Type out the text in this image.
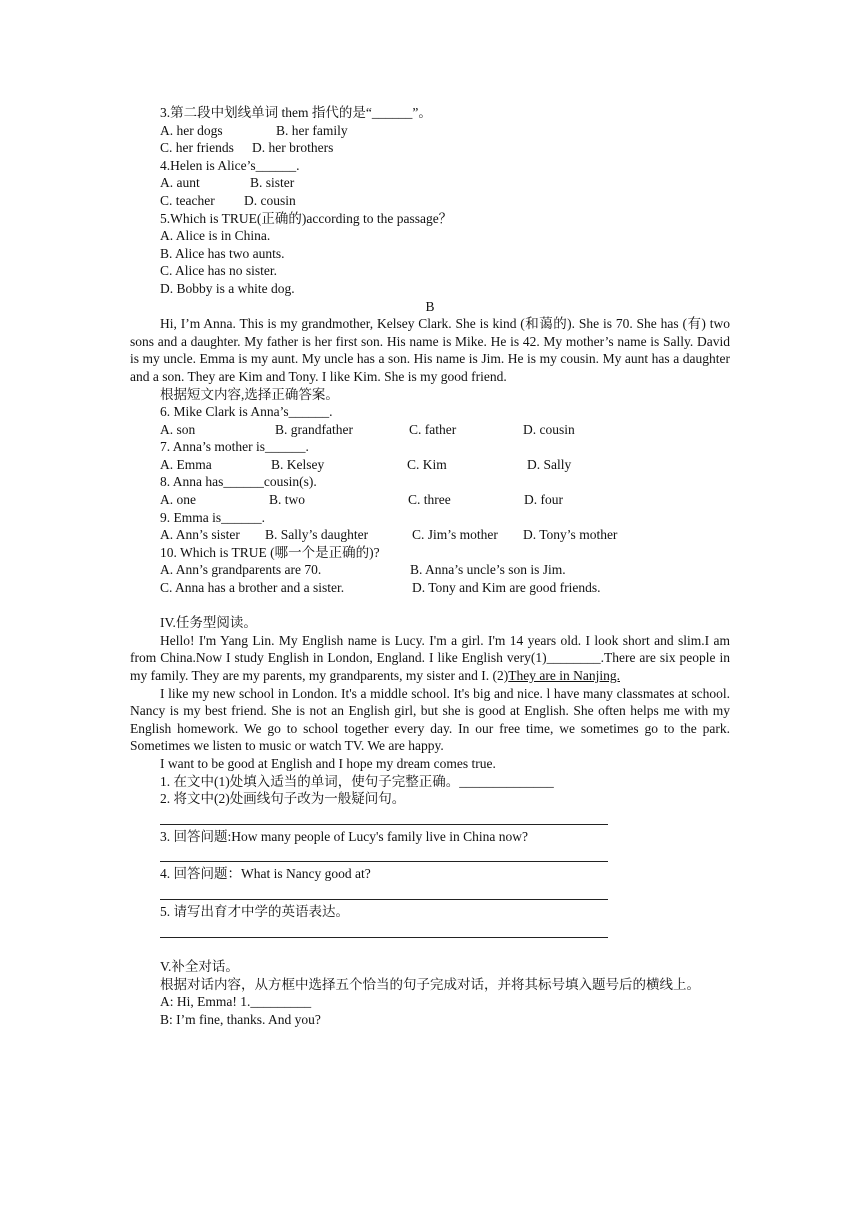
3.第二段中划线单词 them 指代的是“______”。
A. her dogs	B. her family
C. her friends	D. her brothers
4.Helen is Alice’s______.
A. aunt	B. sister
C. teacher	D. cousin
5.Which is TRUE(正确的)according to the passage？
A. Alice is in China.
B. Alice has two aunts.
C. Alice has no sister.
D. Bobby is a white dog.
B
Hi, I’m Anna. This is my grandmother, Kelsey Clark. She is kind (和蔼的). She is 70. She has (有) two sons and a daughter. My father is her first son. His name is Mike. He is 42. My mother’s name is Sally. David is my uncle. Emma is my aunt. My uncle has a son. His name is Jim. He is my cousin. My aunt has a daughter and a son. They are Kim and Tony. I like Kim. She is my good friend.
根据短文内容,选择正确答案。
6. Mike Clark is Anna’s______.
A. son	B. grandfather	C. father	D. cousin
7. Anna’s mother is______.
A. Emma	B. Kelsey	C. Kim	D. Sally
8. Anna has______cousin(s).
A. one	B. two	C. three	D. four
9. Emma is______.
A. Ann’s sister	B. Sally’s daughter	C. Jim’s mother	D. Tony’s mother
10. Which is TRUE (哪一个是正确的)?
A. Ann’s grandparents are 70.	B. Anna’s uncle’s son is Jim.
C. Anna has a brother and a sister.	D. Tony and Kim are good friends.
IV.任务型阅读。
Hello! I'm Yang Lin. My English name is Lucy. I'm a girl. I'm 14 years old. I look short and slim.I am from China.Now I study English in London, England. I like English very(1)________.There are six people in my family. They are my parents, my grandparents, my sister and I. (2)They are in Nanjing.
I like my new school in London. It's a middle school. It's big and nice. l have many classmates at school. Nancy is my best friend. She is not an English girl, but she is good at English. She often helps me with my English homework. We go to school together every day. In our free time, we sometimes go to the park. Sometimes we listen to music or watch TV. We are happy.
I want to be good at English and I hope my dream comes true.
1. 在文中(1)处填入适当的单词，使句子完整正确。______________
2. 将文中(2)处画线句子改为一般疑问句。
3. 回答问题:How many people of Lucy's family live in China now?
4. 回答问题：What is Nancy good at?
5. 请写出育才中学的英语表达。
V.补全对话。
根据对话内容，从方框中选择五个恰当的句子完成对话，并将其标号填入题号后的横线上。
A: Hi, Emma! 1._________
B: I’m fine, thanks. And you?
